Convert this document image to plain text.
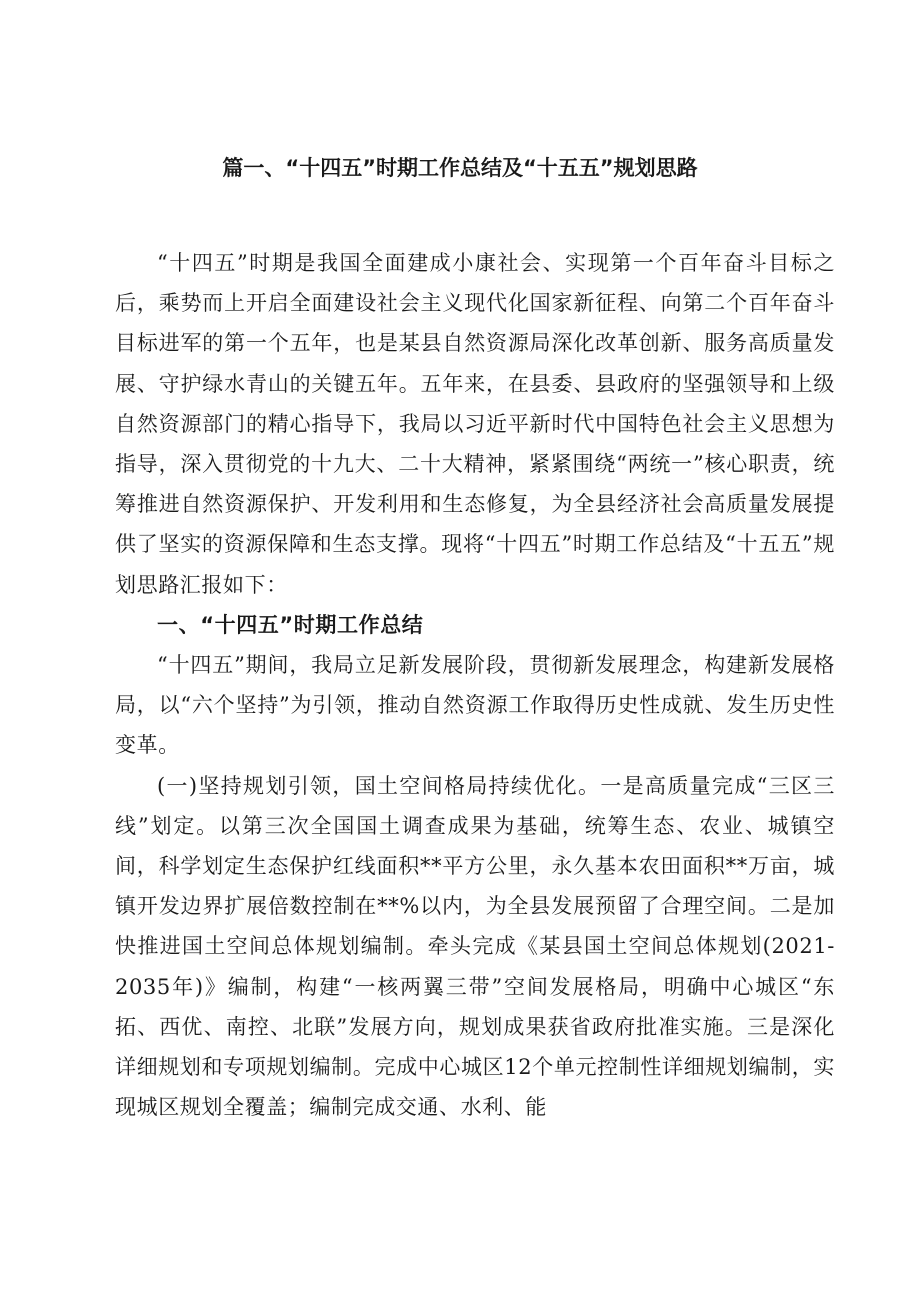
篇一、“十四五”时期工作总结及“十五五”规划思路

“十四五”时期是我国全面建成小康社会、实现第一个百年奋斗目标之后，乘势而上开启全面建设社会主义现代化国家新征程、向第二个百年奋斗目标进军的第一个五年，也是某县自然资源局深化改革创新、服务高质量发展、守护绿水青山的关键五年。五年来，在县委、县政府的坚强领导和上级自然资源部门的精心指导下，我局以习近平新时代中国特色社会主义思想为指导，深入贯彻党的十九大、二十大精神，紧紧围绕“两统一”核心职责，统筹推进自然资源保护、开发利用和生态修复，为全县经济社会高质量发展提供了坚实的资源保障和生态支撑。现将“十四五”时期工作总结及“十五五”规划思路汇报如下：

一、“十四五”时期工作总结

“十四五”期间，我局立足新发展阶段，贯彻新发展理念，构建新发展格局，以“六个坚持”为引领，推动自然资源工作取得历史性成就、发生历史性变革。

(一)坚持规划引领，国土空间格局持续优化。一是高质量完成“三区三线”划定。以第三次全国国土调查成果为基础，统筹生态、农业、城镇空间，科学划定生态保护红线面积**平方公里，永久基本农田面积**万亩，城镇开发边界扩展倍数控制在**%以内，为全县发展预留了合理空间。二是加快推进国土空间总体规划编制。牵头完成《某县国土空间总体规划(2021-2035年)》编制，构建“一核两翼三带”空间发展格局，明确中心城区“东拓、西优、南控、北联”发展方向，规划成果获省政府批准实施。三是深化详细规划和专项规划编制。完成中心城区12个单元控制性详细规划编制，实现城区规划全覆盖；编制完成交通、水利、能
